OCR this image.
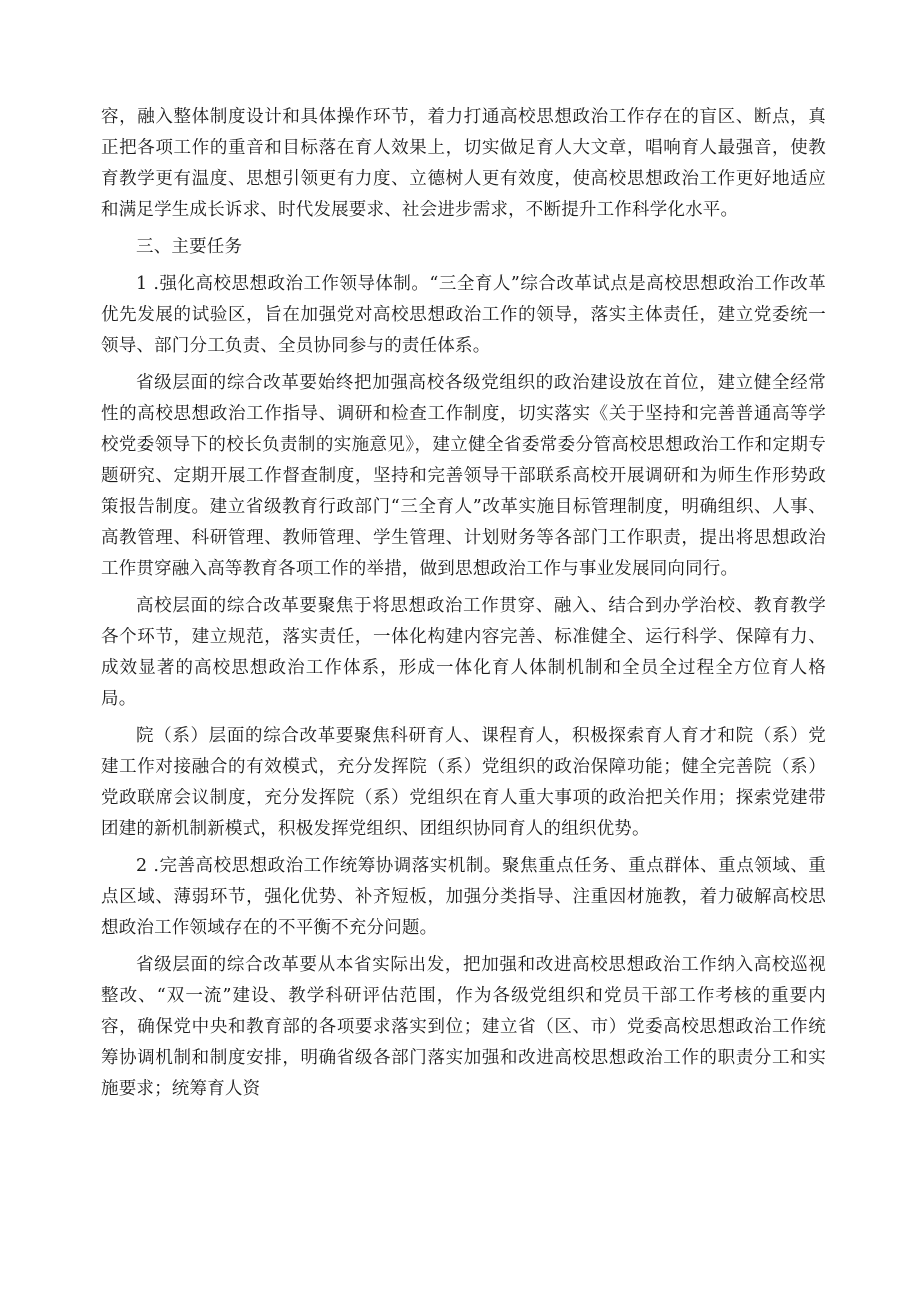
容，融入整体制度设计和具体操作环节，着力打通高校思想政治工作存在的盲区、断点，真正把各项工作的重音和目标落在育人效果上，切实做足育人大文章，唱响育人最强音，使教育教学更有温度、思想引领更有力度、立德树人更有效度，使高校思想政治工作更好地适应和满足学生成长诉求、时代发展要求、社会进步需求，不断提升工作科学化水平。

三、主要任务

1 .强化高校思想政治工作领导体制。“三全育人”综合改革试点是高校思想政治工作改革优先发展的试验区，旨在加强党对高校思想政治工作的领导，落实主体责任，建立党委统一领导、部门分工负责、全员协同参与的责任体系。

省级层面的综合改革要始终把加强高校各级党组织的政治建设放在首位，建立健全经常性的高校思想政治工作指导、调研和检查工作制度，切实落实《关于坚持和完善普通高等学校党委领导下的校长负责制的实施意见》，建立健全省委常委分管高校思想政治工作和定期专题研究、定期开展工作督查制度，坚持和完善领导干部联系高校开展调研和为师生作形势政策报告制度。建立省级教育行政部门“三全育人”改革实施目标管理制度，明确组织、人事、高教管理、科研管理、教师管理、学生管理、计划财务等各部门工作职责，提出将思想政治工作贯穿融入高等教育各项工作的举措，做到思想政治工作与事业发展同向同行。

高校层面的综合改革要聚焦于将思想政治工作贯穿、融入、结合到办学治校、教育教学各个环节，建立规范，落实责任，一体化构建内容完善、标准健全、运行科学、保障有力、成效显著的高校思想政治工作体系，形成一体化育人体制机制和全员全过程全方位育人格局。

院（系）层面的综合改革要聚焦科研育人、课程育人，积极探索育人育才和院（系）党建工作对接融合的有效模式，充分发挥院（系）党组织的政治保障功能；健全完善院（系）党政联席会议制度，充分发挥院（系）党组织在育人重大事项的政治把关作用；探索党建带团建的新机制新模式，积极发挥党组织、团组织协同育人的组织优势。

2 .完善高校思想政治工作统筹协调落实机制。聚焦重点任务、重点群体、重点领域、重点区域、薄弱环节，强化优势、补齐短板，加强分类指导、注重因材施教，着力破解高校思想政治工作领域存在的不平衡不充分问题。

省级层面的综合改革要从本省实际出发，把加强和改进高校思想政治工作纳入高校巡视整改、“双一流”建设、教学科研评估范围，作为各级党组织和党员干部工作考核的重要内容，确保党中央和教育部的各项要求落实到位；建立省（区、市）党委高校思想政治工作统筹协调机制和制度安排，明确省级各部门落实加强和改进高校思想政治工作的职责分工和实施要求；统筹育人资
